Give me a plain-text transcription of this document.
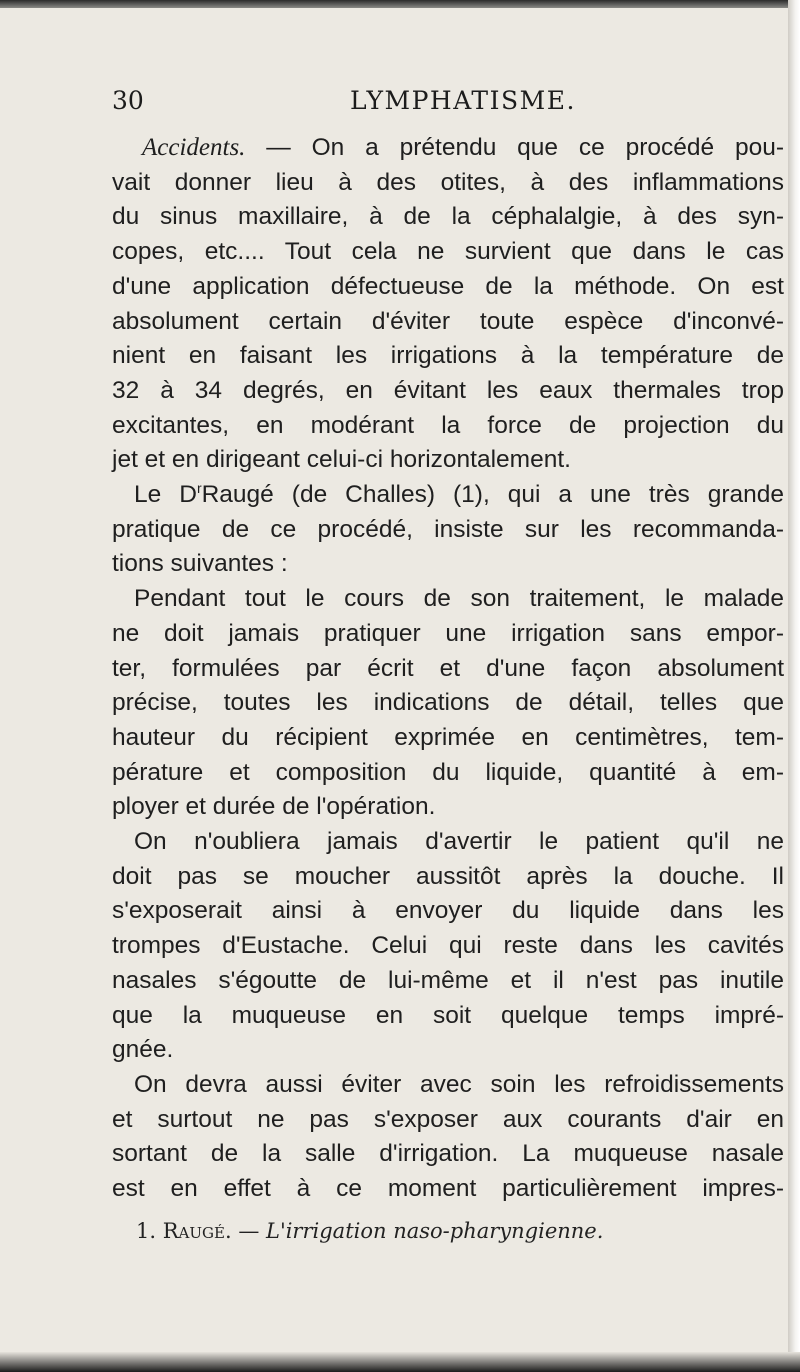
30	LYMPHATISME.
Accidents. — On a prétendu que ce procédé pou-
vait donner lieu à des otites, à des inflammations
du sinus maxillaire, à de la céphalalgie, à des syn-
copes, etc.... Tout cela ne survient que dans le cas
d'une application défectueuse de la méthode. On est
absolument certain d'éviter toute espèce d'inconvé-
nient en faisant les irrigations à la température de
32 à 34 degrés, en évitant les eaux thermales trop
excitantes, en modérant la force de projection du
jet et en dirigeant celui-ci horizontalement.
Le $D^rRaugé$ (de Challes) (1), qui a une très grande
pratique de ce procédé, insiste sur les recommanda-
tions suivantes :
Pendant tout le cours de son traitement, le malade
ne doit jamais pratiquer une irrigation sans empor-
ter, formulées par écrit et d'une façon absolument
précise, toutes les indications de détail, telles que
hauteur du récipient exprimée en centimètres, tem-
pérature et composition du liquide, quantité à em-
ployer et durée de l'opération.
On n'oubliera jamais d'avertir le patient qu'il ne
doit pas se moucher aussitôt après la douche. Il
s'exposerait ainsi à envoyer du liquide dans les
trompes d'Eustache. Celui qui reste dans les cavités
nasales s'égoutte de lui-même et il n'est pas inutile
que la muqueuse en soit quelque temps impré-
gnée.
On devra aussi éviter avec soin les refroidissements
et surtout ne pas s'exposer aux courants d'air en
sortant de la salle d'irrigation. La muqueuse nasale
est en effet à ce moment particulièrement impres-
1. Raugé. — L'irrigation naso-pharyngienne.
